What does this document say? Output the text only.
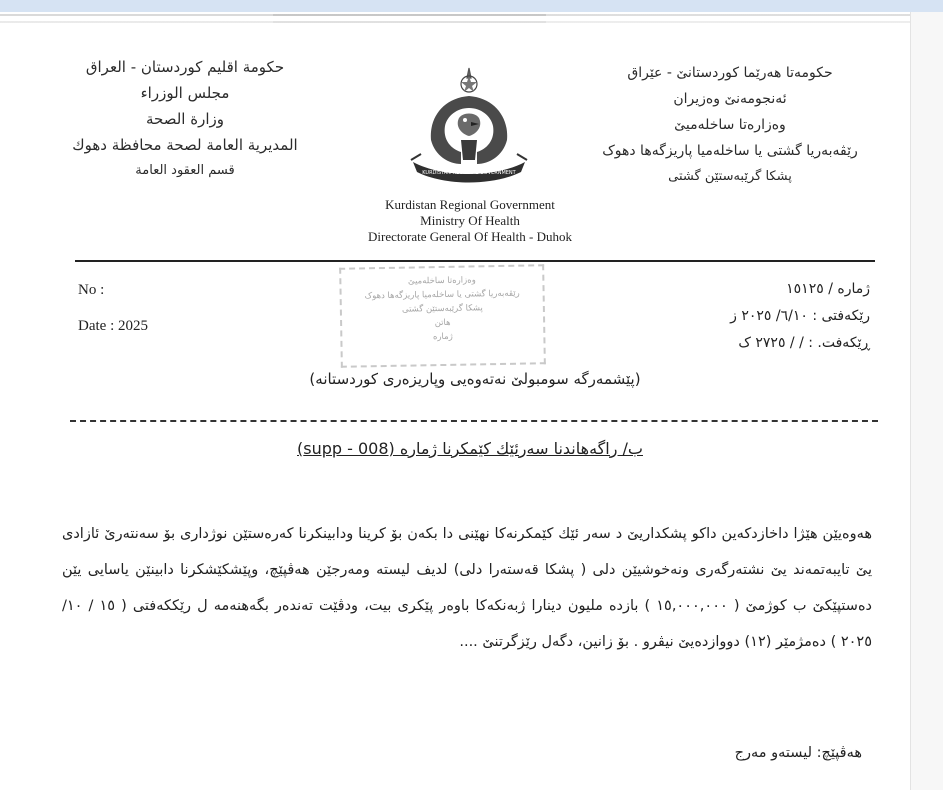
حكومة اقليم كوردستان - العراق
مجلس الوزراء
وزارة الصحة
المديرية العامة لصحة محافظة دهوك
قسم العقود العامة	KURDISTAN REGIONAL GOVERNMENT
حکومەتا هەرێما کوردستانێ - عێراق
ئەنجومەنێ وەزیران
وەزارەتا ساخلەمیێ
رێڤەبەریا گشتی یا ساخلەمیا پاریزگەها دهوک
پشکا گرێبەستێن گشتی
Kurdistan Regional Government
Ministry Of Health
Directorate General Of Health - Duhok
No :
Date : 2025
وەزارەتا ساخلەمیێ
رێڤەبەریا گشتی یا ساخلەمیا پاریزگەها دهوک
پشکا گرێبەستێن گشتی
هاتن
ژمارە
ژمارە / ١٥١٢٥
رێکەفتی : ٦/١٠/ ٢٠٢٥ ز
ڕێکەفت. : / / ٢٧٢٥ ک
(پێشمەرگە سومبولێ نەتەوەیی وپاریزەری کوردستانە)
ب/ راگەهاندنا سەرئێك كێمکرنا ژمارە (supp - 008)
هەوەیێن هێژا داخازدکەین داکو پشکداریێ د سەر ئێك كێمکرنەکا نهێنی دا بکەن بۆ کرینا ودابینکرنا کەرەستێن نوژداری بۆ سەنتەرێ ئازادی یێ تایبەتمەند یێ نشتەرگەری ونەخوشیێن دلی ( پشکا قەستەرا دلی) لدیف لیستە ومەرجێن هەڤپێچ، وپێشکێشکرنا دابینێن یاسایی یێن دەستپێکێ ب کوژمێ ( ١٥,٠٠٠,٠٠٠ ) بازدە ملیون دینارا ژبەنکەکا باوەر پێکری بیت، ودڤێت تەندەر بگەهنەمە ل رێککەفتی ( ١٥ / ١٠/ ٢٠٢٥ ) دەمژمێر (١٢) دووازدەیێ نیڤرو . بۆ زانین، دگەل رێزگرتنێ ....
هەڤپێچ: لیستەو مەرج
